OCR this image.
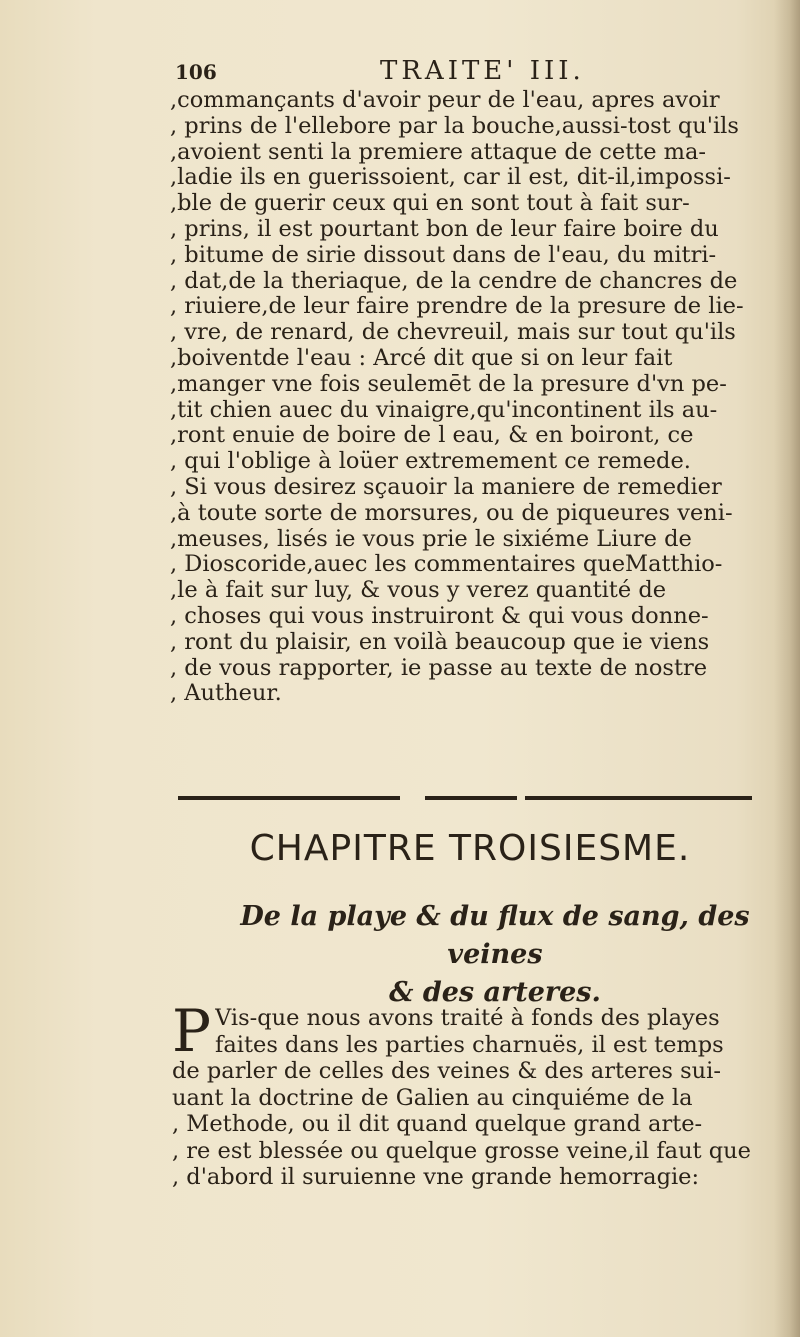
106	TRAITE' III.
,commançants d'avoir peur de l'eau, apres avoir
, prins de l'ellebore par la bouche,aussi-tost qu'ils
,avoient senti la premiere attaque de cette ma-
,ladie ils en guerissoient, car il est, dit-il,impossi-
,ble de guerir ceux qui en sont tout à fait sur-
, prins, il est pourtant bon de leur faire boire du
, bitume de sirie dissout dans de l'eau, du mitri-
, dat,de la theriaque, de la cendre de chancres de
, riuiere,de leur faire prendre de la presure de lie-
, vre, de renard, de chevreuil, mais sur tout qu'ils
,boiventde l'eau : Arcé dit que si on leur fait
,manger vne fois seulemēt de la presure d'vn pe-
,tit chien auec du vinaigre,qu'incontinent ils au-
,ront enuie de boire de l eau, & en boiront, ce
, qui l'oblige à loüer extremement ce remede.
, Si vous desirez sçauoir la maniere de remedier
,à toute sorte de morsures, ou de piqueures veni-
,meuses, lisés ie vous prie le sixiéme Liure de
, Dioscoride,auec les commentaires queMatthio-
,le à fait sur luy, & vous y verez quantité de
, choses qui vous instruiront & qui vous donne-
, ront du plaisir, en voilà beaucoup que ie viens
, de vous rapporter, ie passe au texte de nostre
, Autheur.
CHAPITRE TROISIESME.
De la playe & du flux de sang, des veines
& des arteres.
P Vis-que nous avons traité à fonds des playes
faites dans les parties charnuës, il est temps
de parler de celles des veines & des arteres sui-
uant la doctrine de Galien au cinquiéme de la
, Methode, ou il dit quand quelque grand arte-
, re est blessée ou quelque grosse veine,il faut que
, d'abord il suruienne vne grande hemorragie:
